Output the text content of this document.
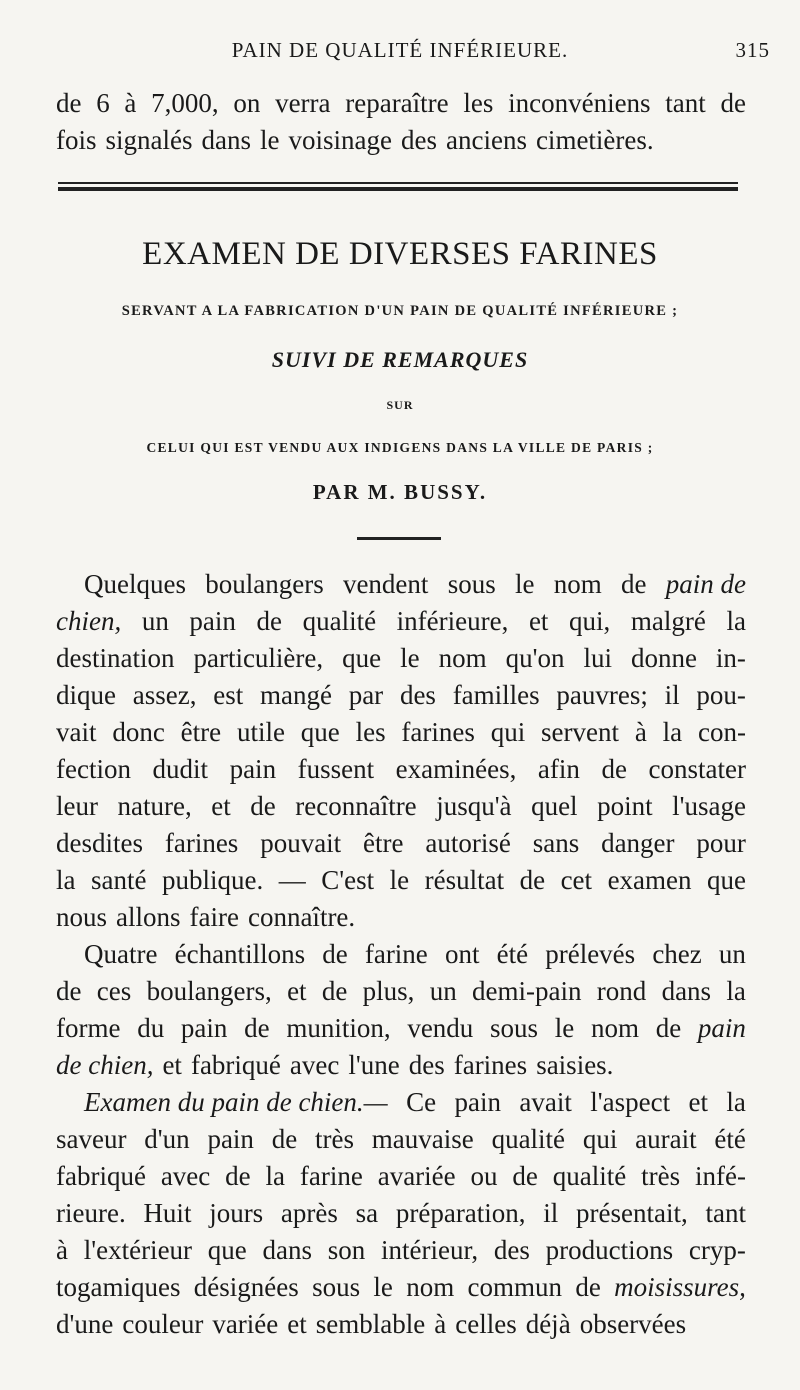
PAIN DE QUALITÉ INFÉRIEURE.	315
de 6 à 7,000, on verra reparaître les inconvéniens tant de
fois signalés dans le voisinage des anciens cimetières.
EXAMEN DE DIVERSES FARINES
SERVANT A LA FABRICATION D'UN PAIN DE QUALITÉ INFÉRIEURE ;
SUIVI DE REMARQUES
SUR
CELUI QUI EST VENDU AUX INDIGENS DANS LA VILLE DE PARIS ;
PAR M. BUSSY.
Quelques boulangers vendent sous le nom de pain de
chien, un pain de qualité inférieure, et qui, malgré la
destination particulière, que le nom qu'on lui donne in-
dique assez, est mangé par des familles pauvres; il pou-
vait donc être utile que les farines qui servent à la con-
fection dudit pain fussent examinées, afin de constater
leur nature, et de reconnaître jusqu'à quel point l'usage
desdites farines pouvait être autorisé sans danger pour
la santé publique. — C'est le résultat de cet examen que
nous allons faire connaître.
Quatre échantillons de farine ont été prélevés chez un
de ces boulangers, et de plus, un demi-pain rond dans la
forme du pain de munition, vendu sous le nom de pain
de chien, et fabriqué avec l'une des farines saisies.
Examen du pain de chien.— Ce pain avait l'aspect et la
saveur d'un pain de très mauvaise qualité qui aurait été
fabriqué avec de la farine avariée ou de qualité très infé-
rieure. Huit jours après sa préparation, il présentait, tant
à l'extérieur que dans son intérieur, des productions cryp-
togamiques désignées sous le nom commun de moisissures,
d'une couleur variée et semblable à celles déjà observées
